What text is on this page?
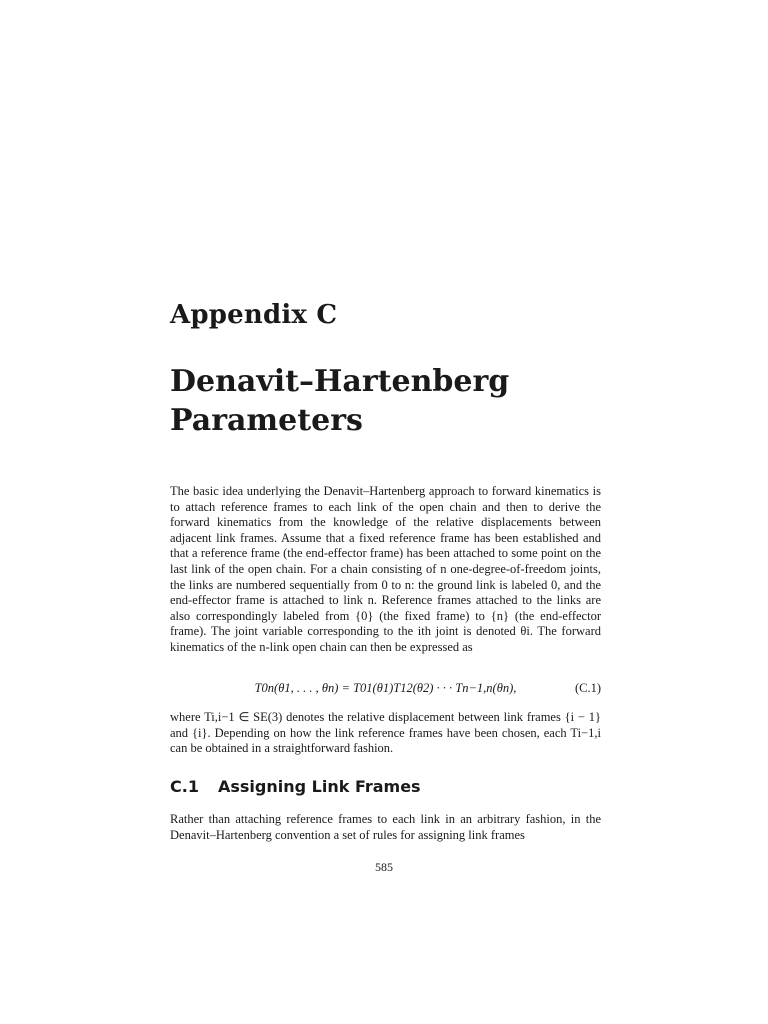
Appendix C
Denavit–Hartenberg Parameters

The basic idea underlying the Denavit–Hartenberg approach to forward kinematics is to attach reference frames to each link of the open chain and then to derive the forward kinematics from the knowledge of the relative displacements between adjacent link frames. Assume that a fixed reference frame has been established and that a reference frame (the end-effector frame) has been attached to some point on the last link of the open chain. For a chain consisting of n one-degree-of-freedom joints, the links are numbered sequentially from 0 to n: the ground link is labeled 0, and the end-effector frame is attached to link n. Reference frames attached to the links are also correspondingly labeled from {0} (the fixed frame) to {n} (the end-effector frame). The joint variable corresponding to the ith joint is denoted θi. The forward kinematics of the n-link open chain can then be expressed as

T0n(θ1, . . . , θn) = T01(θ1)T12(θ2) · · · Tn−1,n(θn),	(C.1)

where Ti,i−1 ∈ SE(3) denotes the relative displacement between link frames {i − 1} and {i}. Depending on how the link reference frames have been chosen, each Ti−1,i can be obtained in a straightforward fashion.

C.1 Assigning Link Frames

Rather than attaching reference frames to each link in an arbitrary fashion, in the Denavit–Hartenberg convention a set of rules for assigning link frames

585
